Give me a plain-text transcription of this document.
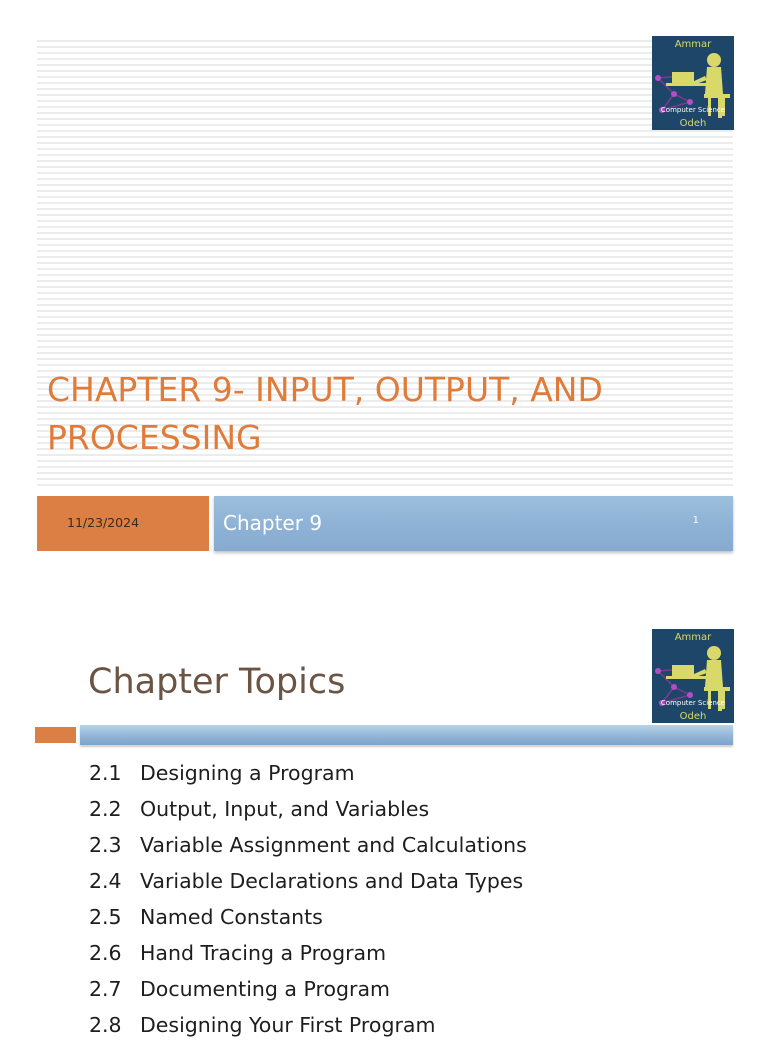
Ammar
Computer Science
Odeh
CHAPTER 9- INPUT, OUTPUT, AND PROCESSING
11/23/2024	Chapter 9	1
Ammar
Computer Science
Odeh
Chapter Topics
2.1 Designing a Program
2.2 Output, Input, and Variables
2.3 Variable Assignment and Calculations
2.4 Variable Declarations and Data Types
2.5 Named Constants
2.6 Hand Tracing a Program
2.7 Documenting a Program
2.8 Designing Your First Program
